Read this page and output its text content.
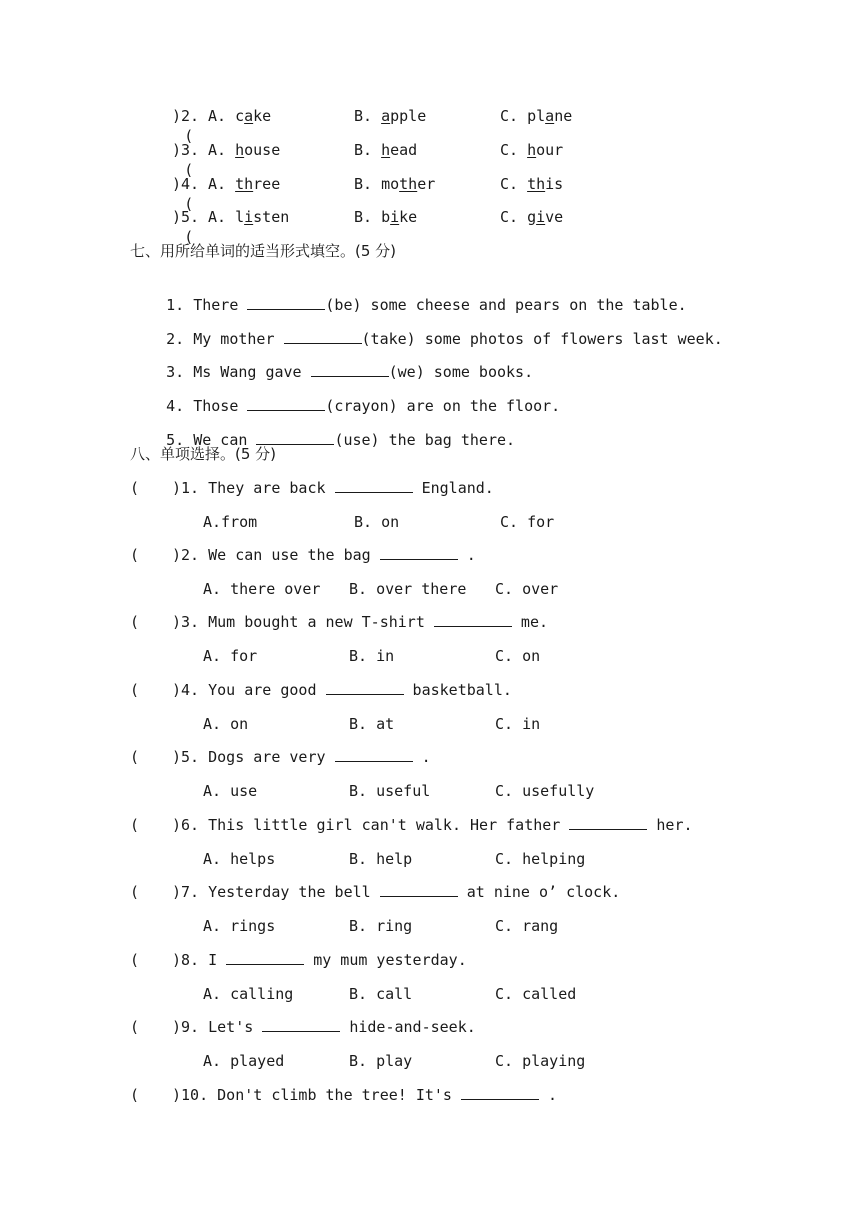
(

)2.

(

)3.

(

)4.

(

)5.

七、用所给单词的适当形式填空。(5 分)

1. There	(be) some cheese and pears on the table.

2. My mother	(take) some photos of flowers last week.

3. Ms Wang gave	(we) some books.

4. Those	(crayon) are on the floor.

5. We can	(use) the bag there.

八、单项选择。(5 分)
A. cake	B. apple	C. plane
A. house	B. head	C. hour
A. three	B. mother	C. this
A. listen	B. bike	C. give
( )1. They are back	England.
A.from	B. on	C. for
( )2. We can use the bag	.
A. there over B. over there C. over
( )3. Mum bought a new T-shirt	me.
A. for	B. in	C. on
( )4. You are good	basketball.
A. on	B. at	C. in
( )5. Dogs are very	.
A. use	B. useful	C. usefully
( )6. This little girl can't walk. Her father	her.
A. helps	B. help	C. helping
( )7. Yesterday the bell	at nine o’ clock.
A. rings	B. ring	C. rang
( )8. I	my mum yesterday.
A. calling	B. call	C. called
( )9. Let's	hide-and-seek.
A. played	B. play	C. playing
( )10. Don't climb the tree! It's	.
